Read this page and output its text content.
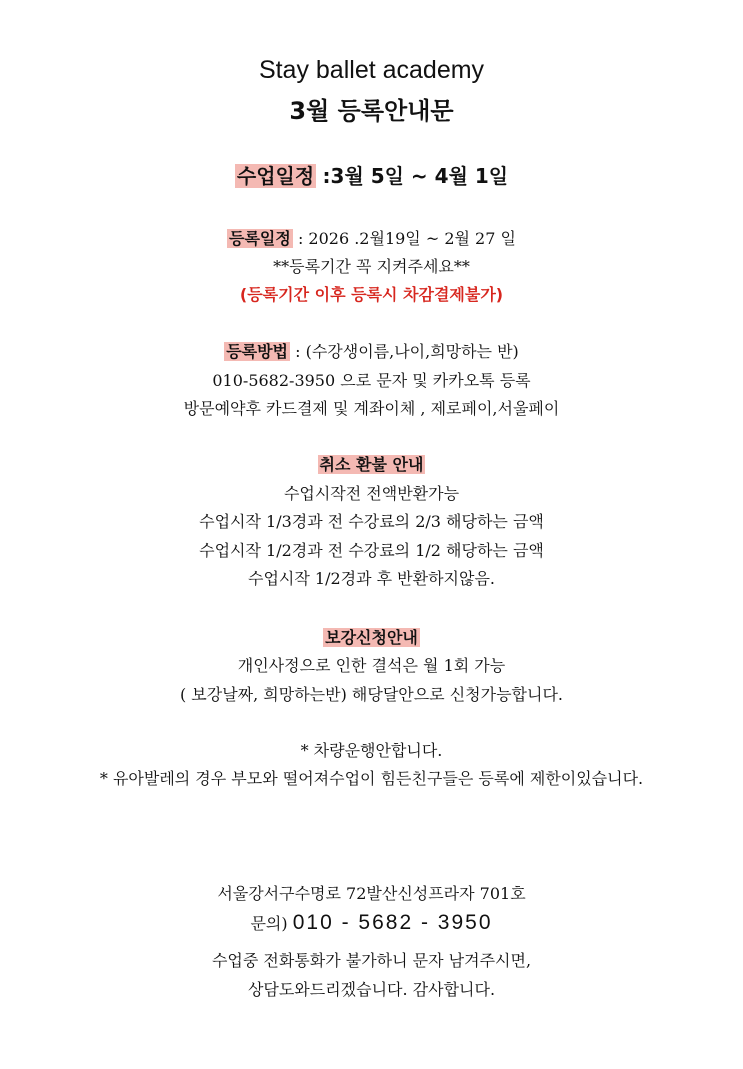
Stay ballet academy
3월 등록안내문
수업일정 :3월 5일 ~ 4월 1일
등록일정 : 2026 .2월19일 ~ 2월 27 일
**등록기간 꼭 지켜주세요**
(등록기간 이후 등록시 차감결제불가)
등록방법 : (수강생이름,나이,희망하는 반)
010-5682-3950 으로 문자 및 카카오톡 등록
방문예약후 카드결제 및 계좌이체 , 제로페이,서울페이
취소 환불 안내
수업시작전 전액반환가능
수업시작 1/3경과 전 수강료의 2/3 해당하는 금액
수업시작 1/2경과 전 수강료의 1/2 해당하는 금액
수업시작 1/2경과 후 반환하지않음.
보강신청안내
개인사정으로 인한 결석은 월 1회 가능
( 보강날짜, 희망하는반) 해당달안으로 신청가능합니다.
* 차량운행안합니다.
* 유아발레의 경우 부모와 떨어져수업이 힘든친구들은 등록에 제한이있습니다.
서울강서구수명로 72발산신성프라자 701호
문의) 010 - 5682 - 3950
수업중 전화통화가 불가하니 문자 남겨주시면,
상담도와드리겠습니다. 감사합니다.
